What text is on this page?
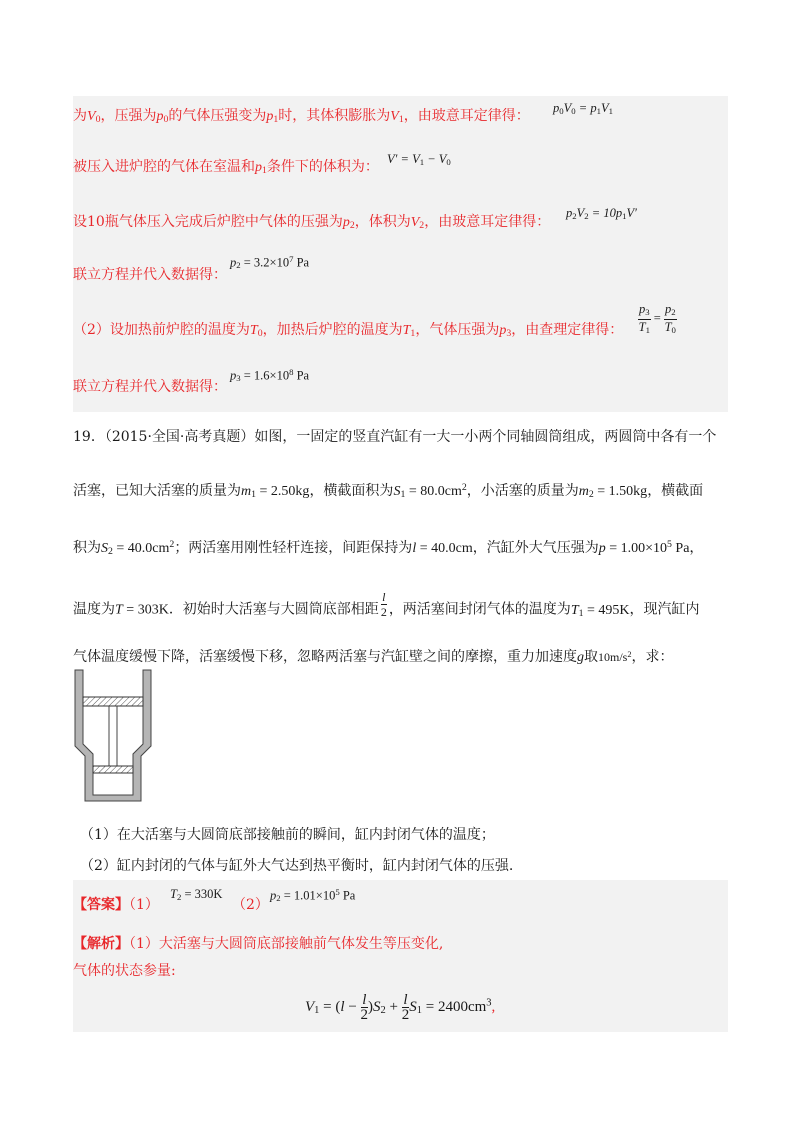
为$V_0$，压强为$p_0$的气体压强变为$p_1$时，其体积膨胀为$V_1$，由玻意耳定律得： $p_0V_0 = p_1V_1$
被压入进炉腔的气体在室温和$p_1$条件下的体积为： $V' = V_1 - V_0$
设10瓶气体压入完成后炉腔中气体的压强为$p_2$，体积为$V_2$，由玻意耳定律得：
$p_2V_2 = 10p_1V'$
联立方程并代入数据得：
$p_2 = 3.2\times 10^7$ Pa
（2）设加热前炉腔的温度为$T_0$，加热后炉腔的温度为$T_1$，气体压强为$p_3$，由查理定律得： $\frac{p_3}{T_1} = \frac{p_2}{T_0}$
联立方程并代入数据得：
$p_3 = 1.6\times 10^8$ Pa
19．（2015·全国·高考真题）如图，一固定的竖直汽缸有一大一小两个同轴圆筒组成，两圆筒中各有一个
活塞，已知大活塞的质量为$m_1 = 2.50kg$，横截面积为$S_1 = 80.0cm^2$，小活塞的质量为$m_2 = 1.50kg$，横截面
积为$S_2 = 40.0cm^2$；两活塞用刚性轻杆连接，间距保持为l = 40.0cm，汽缸外大气压强为$p = 1.00\times 10^5$ Pa，
温度为T = 303K．初始时大活塞与大圆筒底部相距 $\frac{l}{2}$ ，两活塞间封闭气体的温度为$T_1 = 495K$，现汽缸内
气体温度缓慢下降，活塞缓慢下移，忽略两活塞与汽缸壁之间的摩擦，重力加速度g取$10m/s^2$，求：
（1）在大活塞与大圆筒底部接触前的瞬间，缸内封闭气体的温度；
（2）缸内封闭的气体与缸外大气达到热平衡时，缸内封闭气体的压强.
【答案】（1）
$T_2 = 330K$
（2）
$p_2 = 1.01\times 10^5$ Pa
【解析】（1）大活塞与大圆筒底部接触前气体发生等压变化,
气体的状态参量:
$V_1 = (l - \frac{l}{2} )S_2 + \frac{l}{2} S_1 = 2400cm^3$,
